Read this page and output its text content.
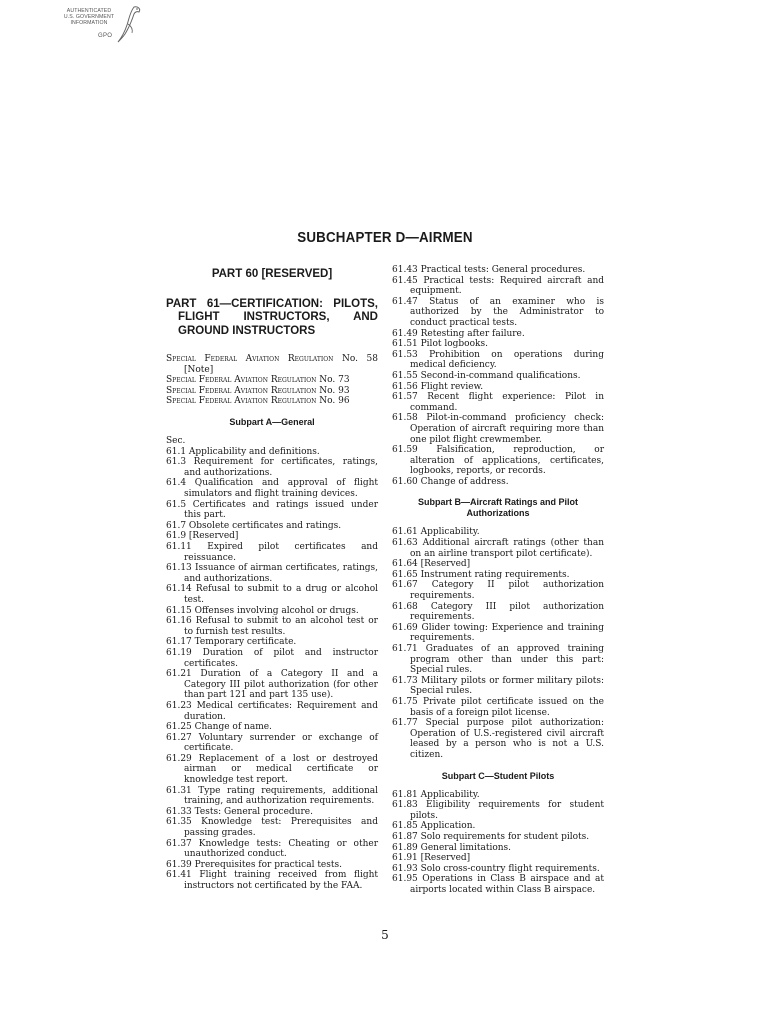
AUTHENTICATED
U.S. GOVERNMENT
INFORMATION
GPO
SUBCHAPTER D—AIRMEN
PART 60 [RESERVED]
PART 61—CERTIFICATION: PILOTS, FLIGHT INSTRUCTORS, AND GROUND INSTRUCTORS

Special Federal Aviation Regulation No. 58 [Note]

Special Federal Aviation Regulation No. 73

Special Federal Aviation Regulation No. 93

Special Federal Aviation Regulation No. 96

Subpart A—General

Sec.

61.1 Applicability and definitions.

61.3 Requirement for certificates, ratings, and authorizations.

61.4 Qualification and approval of flight simulators and flight training devices.

61.5 Certificates and ratings issued under this part.

61.7 Obsolete certificates and ratings.

61.9 [Reserved]

61.11 Expired pilot certificates and reissuance.

61.13 Issuance of airman certificates, ratings, and authorizations.

61.14 Refusal to submit to a drug or alcohol test.

61.15 Offenses involving alcohol or drugs.

61.16 Refusal to submit to an alcohol test or to furnish test results.

61.17 Temporary certificate.

61.19 Duration of pilot and instructor certificates.

61.21 Duration of a Category II and a Category III pilot authorization (for other than part 121 and part 135 use).

61.23 Medical certificates: Requirement and duration.

61.25 Change of name.

61.27 Voluntary surrender or exchange of certificate.

61.29 Replacement of a lost or destroyed airman or medical certificate or knowledge test report.

61.31 Type rating requirements, additional training, and authorization requirements.

61.33 Tests: General procedure.

61.35 Knowledge test: Prerequisites and passing grades.

61.37 Knowledge tests: Cheating or other unauthorized conduct.

61.39 Prerequisites for practical tests.

61.41 Flight training received from flight instructors not certificated by the FAA.

61.43 Practical tests: General procedures.

61.45 Practical tests: Required aircraft and equipment.

61.47 Status of an examiner who is authorized by the Administrator to conduct practical tests.

61.49 Retesting after failure.

61.51 Pilot logbooks.

61.53 Prohibition on operations during medical deficiency.

61.55 Second-in-command qualifications.

61.56 Flight review.

61.57 Recent flight experience: Pilot in command.

61.58 Pilot-in-command proficiency check: Operation of aircraft requiring more than one pilot flight crewmember.

61.59 Falsification, reproduction, or alteration of applications, certificates, logbooks, reports, or records.

61.60 Change of address.

Subpart B—Aircraft Ratings and Pilot Authorizations

61.61 Applicability.

61.63 Additional aircraft ratings (other than on an airline transport pilot certificate).

61.64 [Reserved]

61.65 Instrument rating requirements.

61.67 Category II pilot authorization requirements.

61.68 Category III pilot authorization requirements.

61.69 Glider towing: Experience and training requirements.

61.71 Graduates of an approved training program other than under this part: Special rules.

61.73 Military pilots or former military pilots: Special rules.

61.75 Private pilot certificate issued on the basis of a foreign pilot license.

61.77 Special purpose pilot authorization: Operation of U.S.-registered civil aircraft leased by a person who is not a U.S. citizen.

Subpart C—Student Pilots

61.81 Applicability.

61.83 Eligibility requirements for student pilots.

61.85 Application.

61.87 Solo requirements for student pilots.

61.89 General limitations.

61.91 [Reserved]

61.93 Solo cross-country flight requirements.

61.95 Operations in Class B airspace and at airports located within Class B airspace.

5
